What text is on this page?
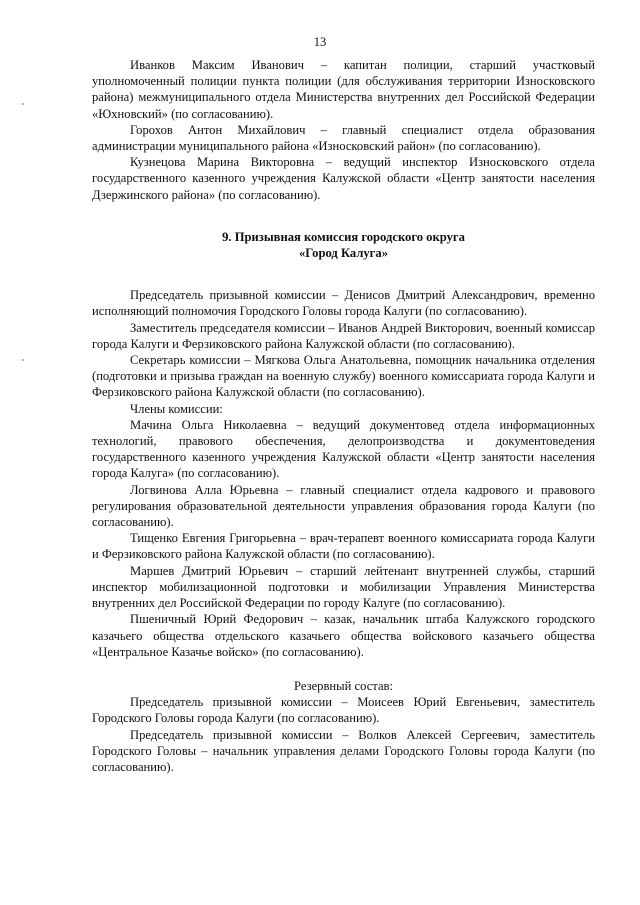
13

Иванков Максим Иванович – капитан полиции, старший участковый уполномоченный полиции пункта полиции (для обслуживания территории Износковского района) межмуниципального отдела Министерства внутренних дел Российской Федерации «Юхновский» (по согласованию).

Горохов Антон Михайлович – главный специалист отдела образования администрации муниципального района «Износковский район» (по согласованию).

Кузнецова Марина Викторовна – ведущий инспектор Износковского отдела государственного казенного учреждения Калужской области «Центр занятости населения Дзержинского района» (по согласованию).

9. Призывная комиссия городского округа
«Город Калуга»

Председатель призывной комиссии – Денисов Дмитрий Александрович, временно исполняющий полномочия Городского Головы города Калуги (по согласованию).

Заместитель председателя комиссии – Иванов Андрей Викторович, военный комиссар города Калуги и Ферзиковского района Калужской области (по согласованию).

Секретарь комиссии – Мягкова Ольга Анатольевна, помощник начальника отделения (подготовки и призыва граждан на военную службу) военного комиссариата города Калуги и Ферзиковского района Калужской области (по согласованию).

Члены комиссии:

Мачина Ольга Николаевна – ведущий документовед отдела информационных технологий, правового обеспечения, делопроизводства и документоведения государственного казенного учреждения Калужской области «Центр занятости населения города Калуга» (по согласованию).

Логвинова Алла Юрьевна – главный специалист отдела кадрового и правового регулирования образовательной деятельности управления образования города Калуги (по согласованию).

Тищенко Евгения Григорьевна – врач-терапевт военного комиссариата города Калуги и Ферзиковского района Калужской области (по согласованию).

Маршев Дмитрий Юрьевич – старший лейтенант внутренней службы, старший инспектор мобилизационной подготовки и мобилизации Управления Министерства внутренних дел Российской Федерации по городу Калуге (по согласованию).

Пшеничный Юрий Федорович – казак, начальник штаба Калужского городского казачьего общества отдельского казачьего общества войскового казачьего общества «Центральное Казачье войско» (по согласованию).

Резервный состав:

Председатель призывной комиссии – Моисеев Юрий Евгеньевич, заместитель Городского Головы города Калуги (по согласованию).

Председатель призывной комиссии – Волков Алексей Сергеевич, заместитель Городского Головы – начальник управления делами Городского Головы города Калуги (по согласованию).
